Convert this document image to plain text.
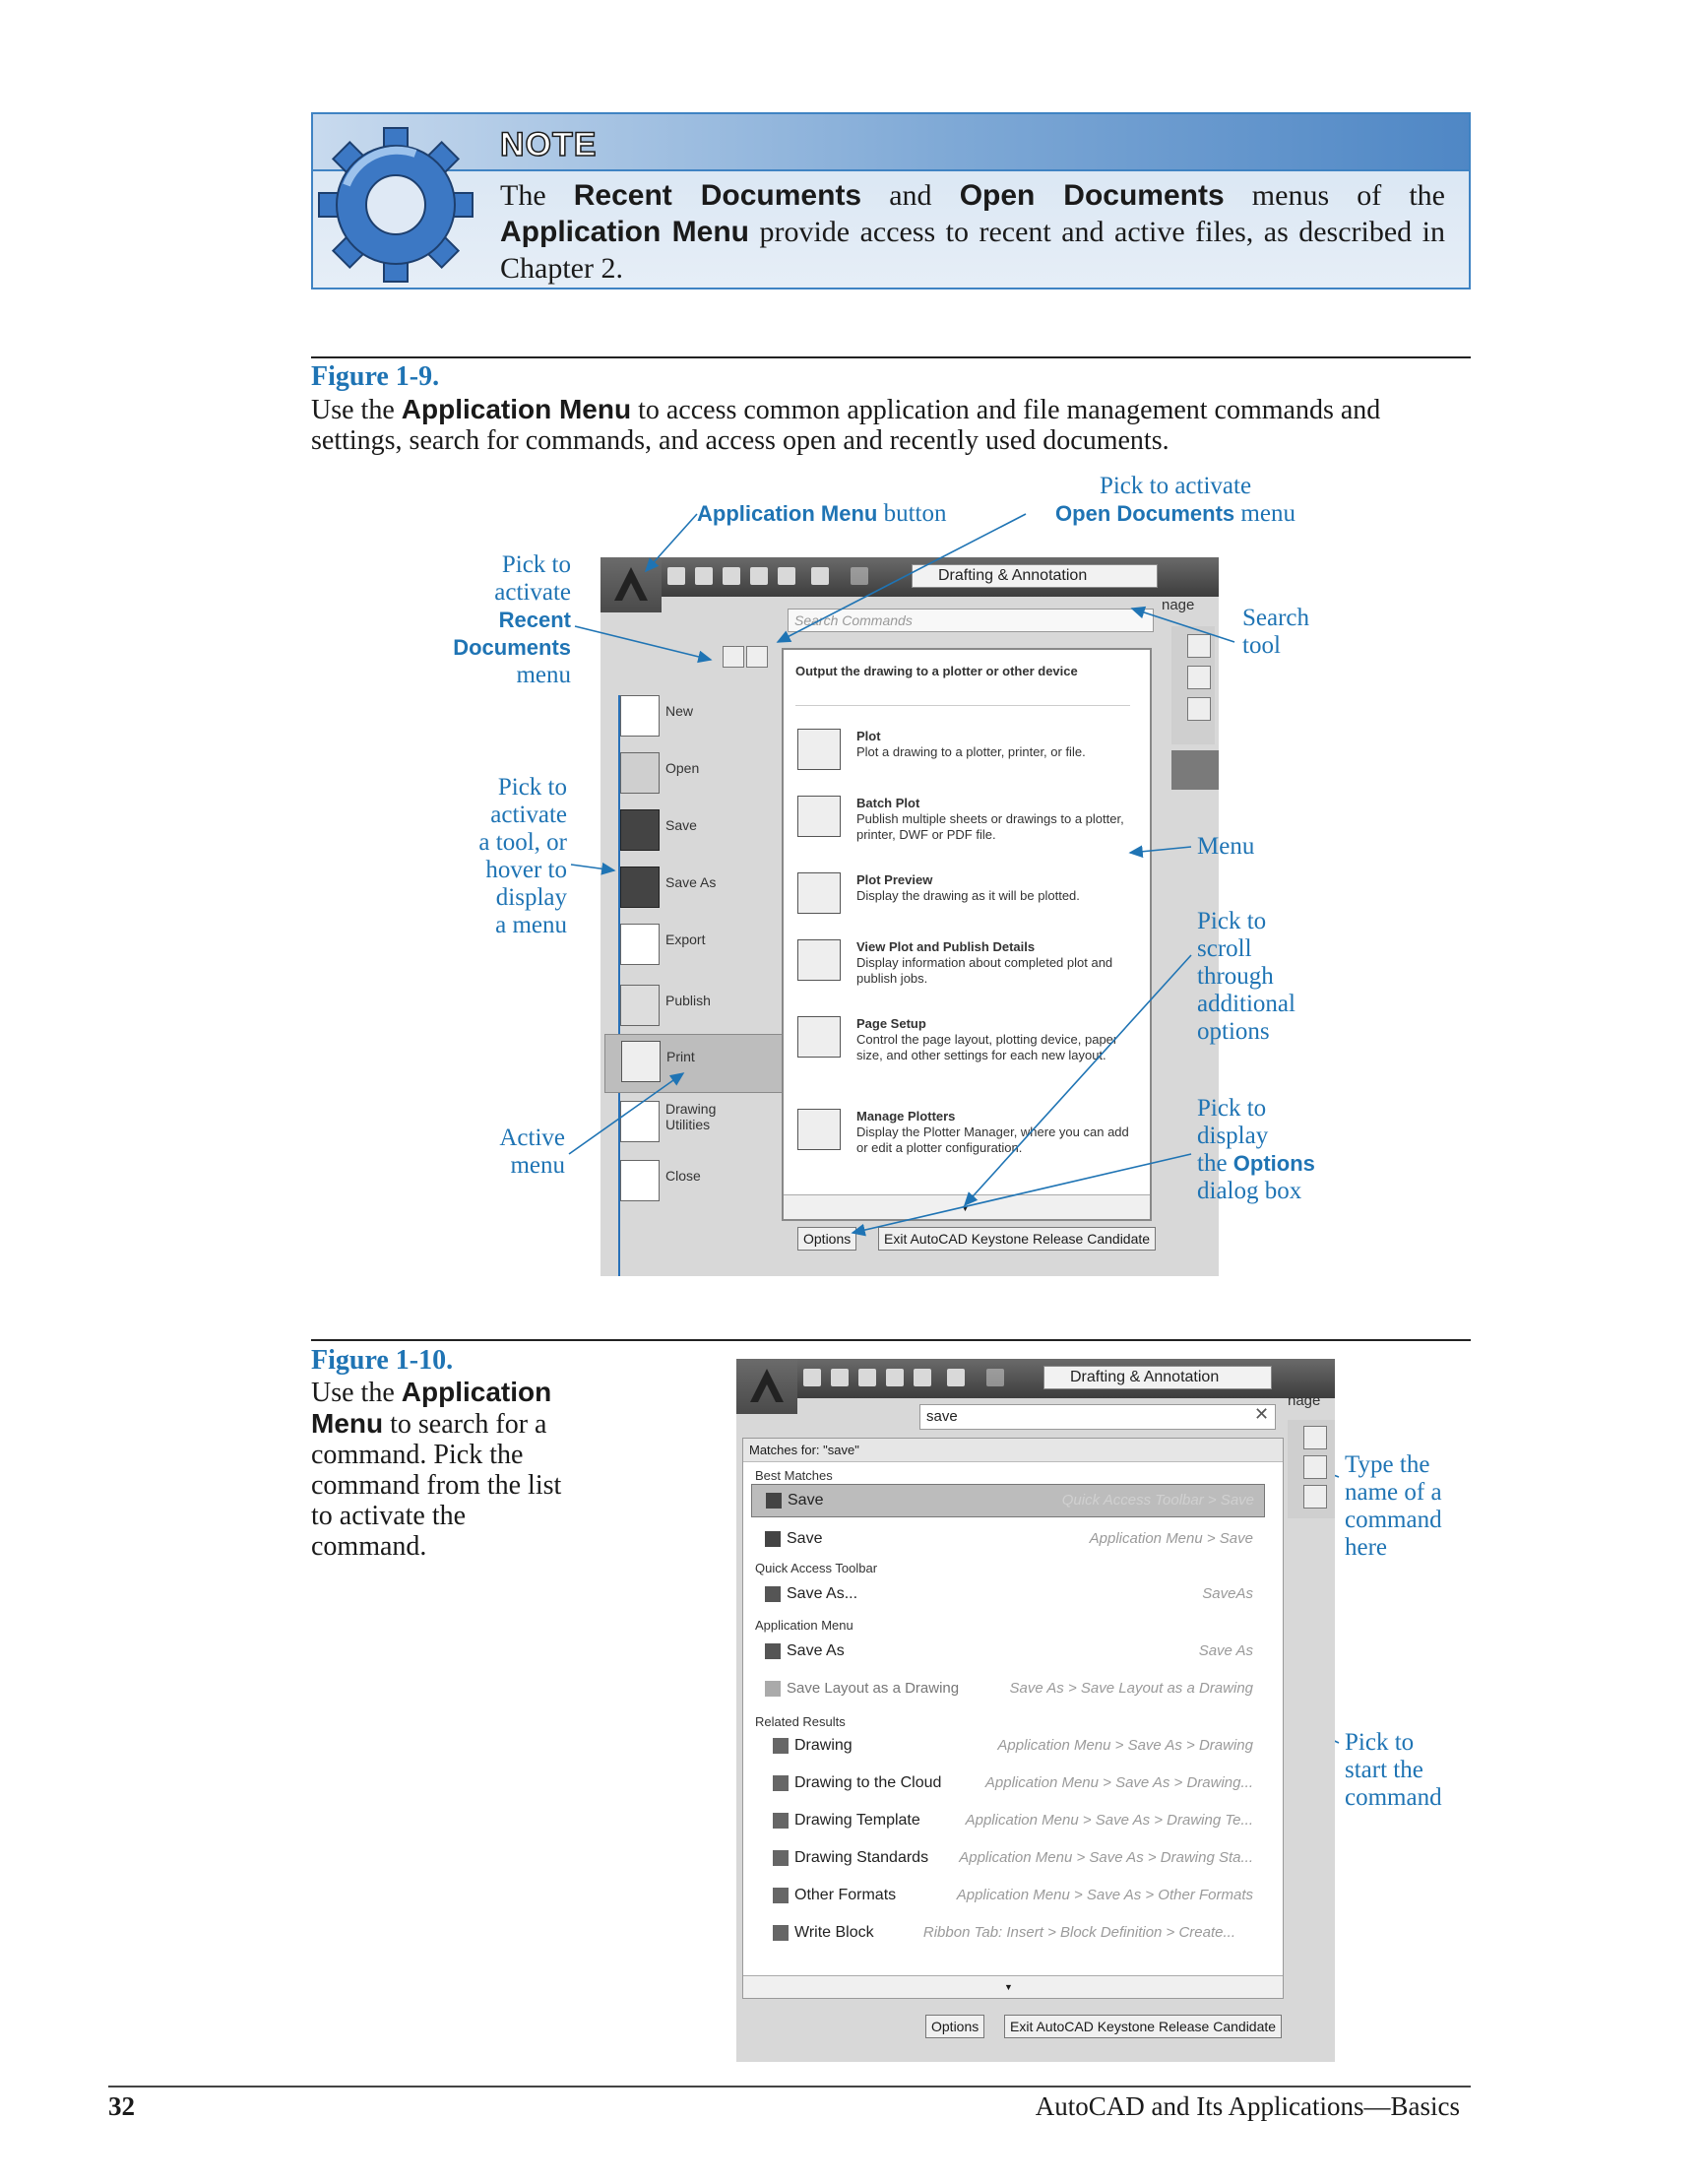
NOTE
The Recent Documents and Open Documents menus of the Application Menu provide access to recent and active files, as described in Chapter 2.
Figure 1-9.
Use the Application Menu to access common application and file management commands and settings, search for commands, and access open and recently used documents.
Drafting & Annotation
Search Commands
nage
New
Open
Save
Save As
Export
Publish
Print
Drawing Utilities
Close
Output the drawing to a plotter or other device
Plot
Plot a drawing to a plotter, printer, or file.
Batch Plot
Publish multiple sheets or drawings to a plotter, printer, DWF or PDF file.
Plot Preview
Display the drawing as it will be plotted.
View Plot and Publish Details
Display information about completed plot and publish jobs.
Page Setup
Control the page layout, plotting device, paper size, and other settings for each new layout.
Manage Plotters
Display the Plotter Manager, where you can add or edit a plotter configuration.
▼
Options	Exit AutoCAD Keystone Release Candidate
Application Menu button
Pick to activate
Open Documents menu
Pick to
activate
Recent
Documents
menu
Search
tool
Pick to
activate
a tool, or
hover to
display
a menu
Menu
Pick to
scroll
through
additional
options
Active
menu
Pick to
display
the Options
dialog box
Figure 1-10.
Use the Application Menu to search for a command. Pick the command from the list to activate the command.
Drafting & Annotation
save	✕
nage
Matches for: "save"
Best Matches
Save	Quick Access Toolbar > Save
Save	Application Menu > Save
Quick Access Toolbar
Save As...	SaveAs
Application Menu
Save As	Save As
Save Layout as a Drawing	Save As > Save Layout as a Drawing
Related Results
Drawing	Application Menu > Save As > Drawing
Drawing to the Cloud	Application Menu > Save As > Drawing...
Drawing Template	Application Menu > Save As > Drawing Te...
Drawing Standards Application Menu > Save As > Drawing Sta...
Other Formats	Application Menu > Save As > Other Formats
Write Block	Ribbon Tab: Insert > Block Definition > Create...
▼
Options	Exit AutoCAD Keystone Release Candidate
Type the
name of a
command
here
Pick to
start the
command
32	AutoCAD and Its Applications—Basics
